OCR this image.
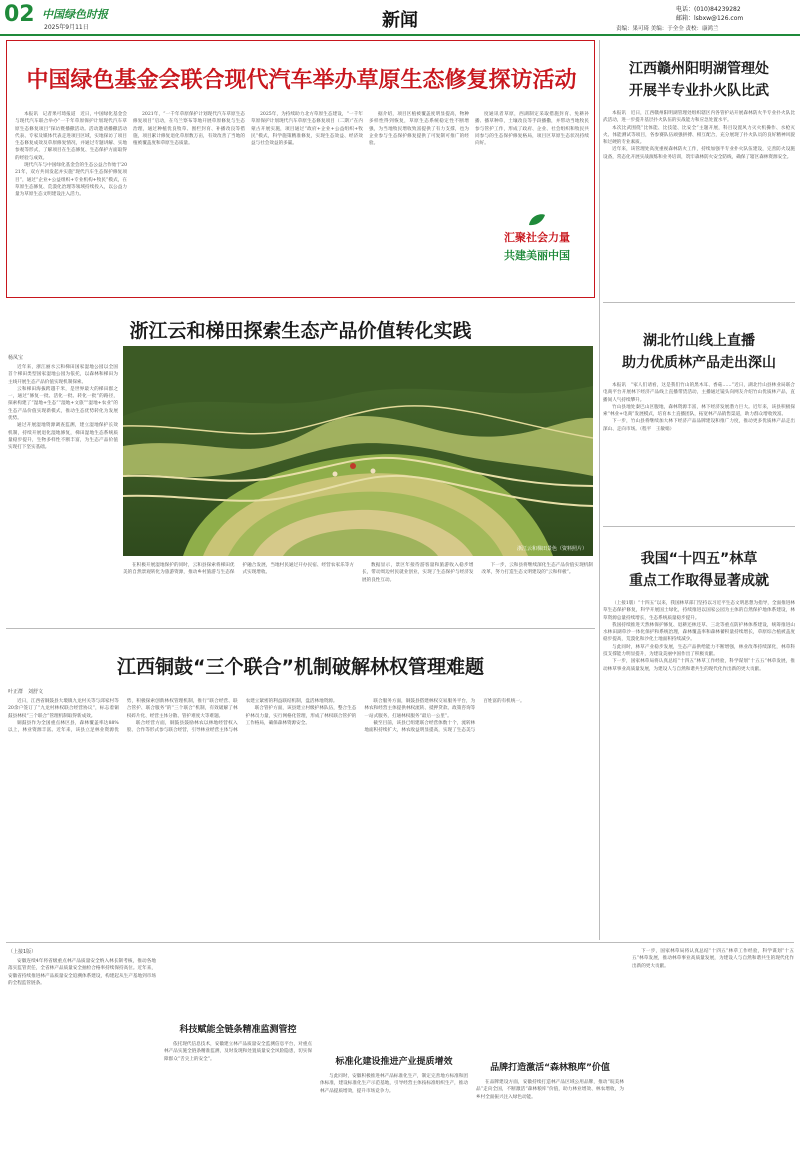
02 中国绿色时报
2025年9月11日	新闻
电话：(010)84239282
邮箱：lsbxw@126.com
责编：果可琦 美编：于全全 责校：康鸿兰
中国绿色基金会联合现代汽车举办草原生态修复探访活动

本报讯　记者果可琦报道　近日，中国绿化基金会与现代汽车联合举办“一千年草原保护计划现代汽车草原生态修复项目”探访暨播撒活动。活动邀请播撒活动代表、专家及媒体代表走进项目区域，实地探访了项目生态修复成效及草原修复情况，并通过专题讲解、实地参观等形式，了解项目在生态修复、生态保护方面取得的经验与成效。

现代汽车与中国绿化基金会的生态公益合作始于2021年，双方共同发起并实施“现代汽车生态保护修复项目”，通过“企业+公益组织+专业机构+牧民”模式，在草原生态修复、荒漠化治理等领域持续投入，以公益力量为草原生态文明建设注入活力。

2021年，“一千年草原保护计划现代汽车草原生态修复项目”启动，在乌兰察布等地开展草原修复与生态治理，通过种植优良牧草、围栏封育、补播改良等措施，项目累计修复退化草原数万亩，有效改善了当地的植被覆盖度和草原生态质量。

2025年，为持续助力北方草原生态建设，“一千年草原保护计划现代汽车草原生态修复项目（二期）”在内蒙古开展实施，项目通过“政府+企业+公益组织+牧民”模式，科学施策精准修复，实现生态效益、经济效益与社会效益的多赢。

据介绍，项目区植被覆盖度明显提高，物种多样性得到恢复，草原生态系统稳定性不断增强，为当地牧民增收致富提供了有力支撑，也为企业参与生态保护修复提供了可复制可推广的经验。

度通讯者草原，西湖制定采取措施封育、免耕补播、播草种草，土壤改良等手段播撒，并带动当地牧民参与管护工作，形成了政府、企业、社会组织和牧民共同参与的生态保护修复格局，项目区草原生态状况持续向好。

汇聚社会力量
共建美丽中国
江西赣州阳明湖管理处
开展半专业扑火队比武

本报讯　近日，江西赣州阳明湖管理处组织辖区内各管护站开展森林防火半专业扑火队比武活动，进一步提升基层扑火队伍的实战能力和应急处置水平。

本次比武围绕“比体能、比技能、比安全”主题开展，科目设置风力灭火机操作、水枪灭火、体能测试等项目，各参赛队伍顽强拼搏、相互配合，充分展现了扑火队员的良好精神风貌和过硬的专业素质。

近年来，该管理处高度重视森林防火工作，持续加强半专业扑火队伍建设，完善防火设施设备，常态化开展实战演练和业务培训，筑牢森林防火安全防线，确保了辖区森林资源安全。

浙江云和梯田探索生态产品价值转化实践
杨凤宝

近年来，浙江丽水云和梯田国家湿地公园以全国首个梯田类型国家湿地公园为依托，以森林和梯田为主线开展生态产品价值实现机制探索。

云和梯田海拔跨越千米，是世界最大的梯田群之一，通过“修复一批、活化一批、转化一批”的路径，探索构建了“湿地+生态”“湿地+文旅”“湿地+农业”的生态产品价值实现新模式，推动生态优势转化为发展优势。

通过开展湿地资源调查监测，建立湿地保护长效机制，持续开展退化湿地修复，梯田湿地生态系统质量稳步提升，生物多样性不断丰富，为生态产品价值实现打下坚实基础。

浙江云和梯田景色（资料照片）

在积极开展湿地保护的同时，云和县探索将梯田优美的自然景观转化为旅游资源，推动乡村旅游与生态保护融合发展，当地村民通过开办民宿、经营农家乐等方式实现增收。

数据显示，景区年接待游客量和旅游收入稳步增长，带动周边村民就业创业，实现了生态保护与经济发展的良性互动。

下一步，云和县将继续深化生态产品价值实现机制改革，努力打造生态文明建设的“云和样板”。

湖北竹山线上直播
助力优质林产品走出深山

本报讯　“家人们请看，这是我们竹山的黑木耳、香菇……”近日，湖北竹山县林业局联合电商平台开展林下经济产品线上直播带货活动，主播通过镜头向网友介绍竹山优质林产品，直播间人气持续攀升。

竹山县地处秦巴山区腹地，森林资源丰富，林下经济发展潜力巨大。近年来，该县积极探索“林业+电商”发展模式，培育本土直播团队，拓宽林产品销售渠道，助力群众增收致富。

下一步，竹山县将继续加大林下经济产品品牌建设和推广力度，推动更多优质林产品走出深山、走向市场。（程平　王敏娟）

我国“十四五”林草
重点工作取得显著成就

（上接1版）“十四五”以来，我国林草部门坚持以习近平生态文明思想为指导，全面推进林草生态保护修复，科学开展国土绿化，持续推进以国家公园为主体的自然保护地体系建设，林草资源总量持续增长，生态系统质量稳步提升。

我国持续推进天然林保护修复、退耕还林还草、三北等重点防护林体系建设，统筹推进山水林田湖草沙一体化保护和系统治理，森林覆盖率和森林蓄积量持续增长，草原综合植被盖度稳步提高，荒漠化和沙化土地面积持续减少。

与此同时，林草产业稳步发展，生态产品供给能力不断增强，林业改革持续深化，林草科技支撑能力明显提升，为建设美丽中国作出了积极贡献。

下一步，国家林草局将认真总结“十四五”林草工作经验，科学谋划“十五五”林草发展，推动林草事业高质量发展，为建设人与自然和谐共生的现代化作出新的更大贡献。

江西铜鼓“三个联合”机制破解林权管理难题
叶正群　刘舒文

近日，江西省铜鼓县大塅镇九龙村关等与邱家村等20余户签订了“九龙村林权联合经营协议”，标志着铜鼓县林权“三个联合”管理机制取得新成效。

铜鼓县作为全国重点林区县，森林覆盖率达88%以上，林业资源丰富。近年来，该县立足林业资源优势，积极探索创新林权管理机制，推行“联合经营、联合管护、联合服务”的“三个联合”机制，有效破解了林权碎片化、经营主体分散、管护难度大等难题。

联合经营方面，铜鼓县鼓励林农以林地经营权入股、合作等形式参与联合经营，引导林业经营主体与林农建立紧密的利益联结机制，盘活林地资源。

联合管护方面，该县建立村级护林队伍，整合生态护林员力量，实行网格化管理，形成了林权联合管护的工作格局，确保森林资源安全。

联合服务方面，铜鼓县搭建林权交易服务平台，为林农和经营主体提供林权流转、抵押贷款、政策咨询等一站式服务，打通林权服务“最后一公里”。

截至目前，该县已组建联合经营体数十个，流转林地面积持续扩大，林农收益明显提高，实现了生态美与百姓富的有机统一。

（上接1版）

安徽连续4年将省级重点林产品质量安全纳入林长制考核，推动各地落实监管责任，全省林产品质量安全抽检合格率持续保持高位。近年来，安徽省持续推进林产品质量安全追溯体系建设，构建起从生产基地到市场的全程监管链条。

科技赋能全链条精准监测管控

依托现代信息技术，安徽建立林产品质量安全监测信息平台，对重点林产品实施全链条精准监测，及时发现和处置质量安全风险隐患，切实保障群众“舌尖上的安全”。	标准化建设推进产业提质增效

与此同时，安徽积极推进林产品标准化生产，制定完善地方标准和团体标准，建设标准化生产示范基地，引导经营主体按标准组织生产，推动林产品提质增效，提升市场竞争力。

品牌打造激活“森林粮库”价值

在品牌建设方面，安徽持续打造林产品区域公用品牌，推动“皖美林品”走向全国，不断激活“森林粮库”价值，助力林业增效、林农增收，为乡村全面振兴注入绿色动能。

下一步，国家林草局将认真总结“十四五”林草工作经验，科学谋划“十五五”林草发展，推动林草事业高质量发展，为建设人与自然和谐共生的现代化作出新的更大贡献。
